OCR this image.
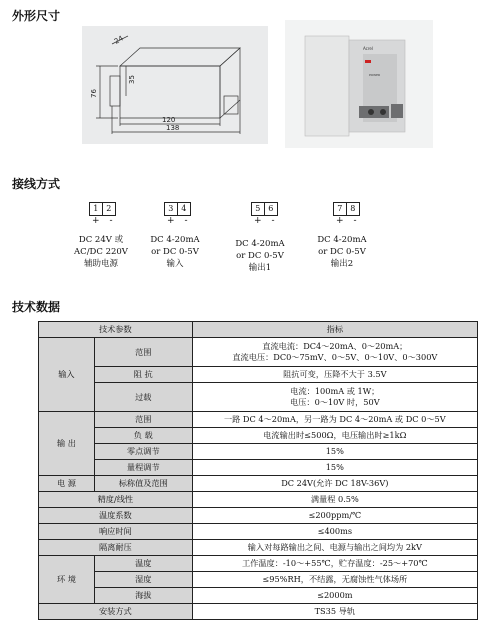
外形尺寸
接线方式
技术数据
24
35
76
120
138
Acrel
POWER
1 2
+-
DC 24V 或
AC/DC 220V
辅助电源
3 4
+-
DC 4-20mA
or DC 0-5V
输入
5 6
+-
DC 4-20mA
or DC 0-5V
输出1
7 8
+-
DC 4-20mA
or DC 0-5V
输出2
技术参数		指标
输入	范围	直流电流：DC4～20mA、0～20mA；
直流电压：DC0～75mV、0～5V、0～10V、0～300V

	阻 抗	阻抗可变，压降不大于 3.5V
	过载	电流：100mA 或 1W；
电压：0～10V 时，50V

输 出	范围	一路 DC 4～20mA，另一路为 DC 4～20mA 或 DC 0～5V
	负 载	电流输出时≤500Ω，电压输出时≥1kΩ
	零点调节	15%
	量程调节	15%
电 源	标称值及范围	DC 24V(允许 DC 18V-36V)
精度/线性		满量程 0.5%
温度系数		≤200ppm/℃
响应时间		≤400ms
隔离耐压		输入对每路输出之间、电源与输出之间均为 2kV
环 境	温度	工作温度：-10～+55℃，贮存温度：-25～+70℃
	湿度	≤95%RH，不结露，无腐蚀性气体场所
	海拔	≤2000m
安装方式		TS35 导轨
